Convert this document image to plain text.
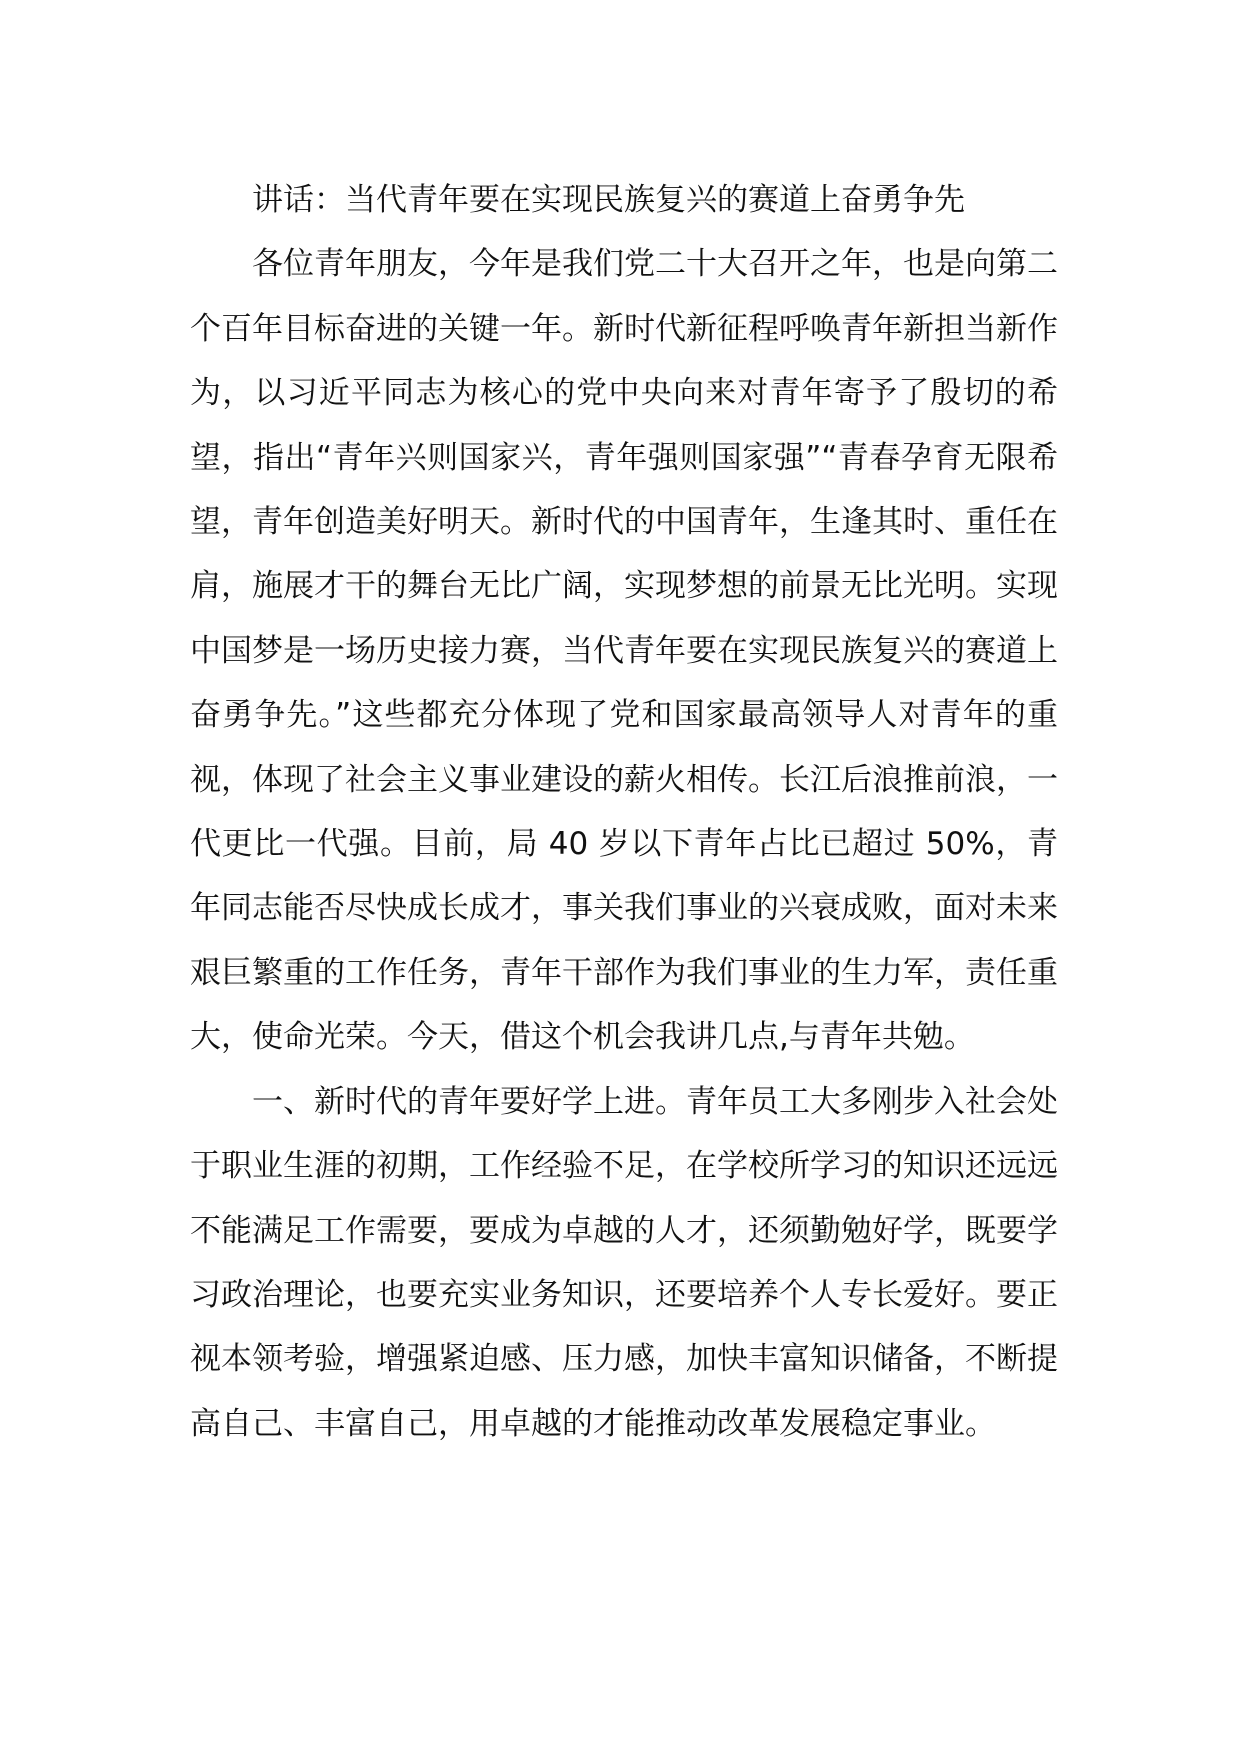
讲话：当代青年要在实现民族复兴的赛道上奋勇争先

各位青年朋友，今年是我们党二十大召开之年，也是向第二个百年目标奋进的关键一年。新时代新征程呼唤青年新担当新作为，以习近平同志为核心的党中央向来对青年寄予了殷切的希望，指出“青年兴则国家兴，青年强则国家强”“青春孕育无限希望，青年创造美好明天。新时代的中国青年，生逢其时、重任在肩，施展才干的舞台无比广阔，实现梦想的前景无比光明。实现中国梦是一场历史接力赛，当代青年要在实现民族复兴的赛道上奋勇争先。”这些都充分体现了党和国家最高领导人对青年的重视，体现了社会主义事业建设的薪火相传。长江后浪推前浪，一代更比一代强。目前，局 40 岁以下青年占比已超过 50%，青年同志能否尽快成长成才，事关我们事业的兴衰成败，面对未来艰巨繁重的工作任务，青年干部作为我们事业的生力军，责任重大，使命光荣。今天，借这个机会我讲几点,与青年共勉。

一、新时代的青年要好学上进。青年员工大多刚步入社会处于职业生涯的初期，工作经验不足，在学校所学习的知识还远远不能满足工作需要，要成为卓越的人才，还须勤勉好学，既要学习政治理论，也要充实业务知识，还要培养个人专长爱好。要正视本领考验，增强紧迫感、压力感，加快丰富知识储备，不断提高自己、丰富自己，用卓越的才能推动改革发展稳定事业。
